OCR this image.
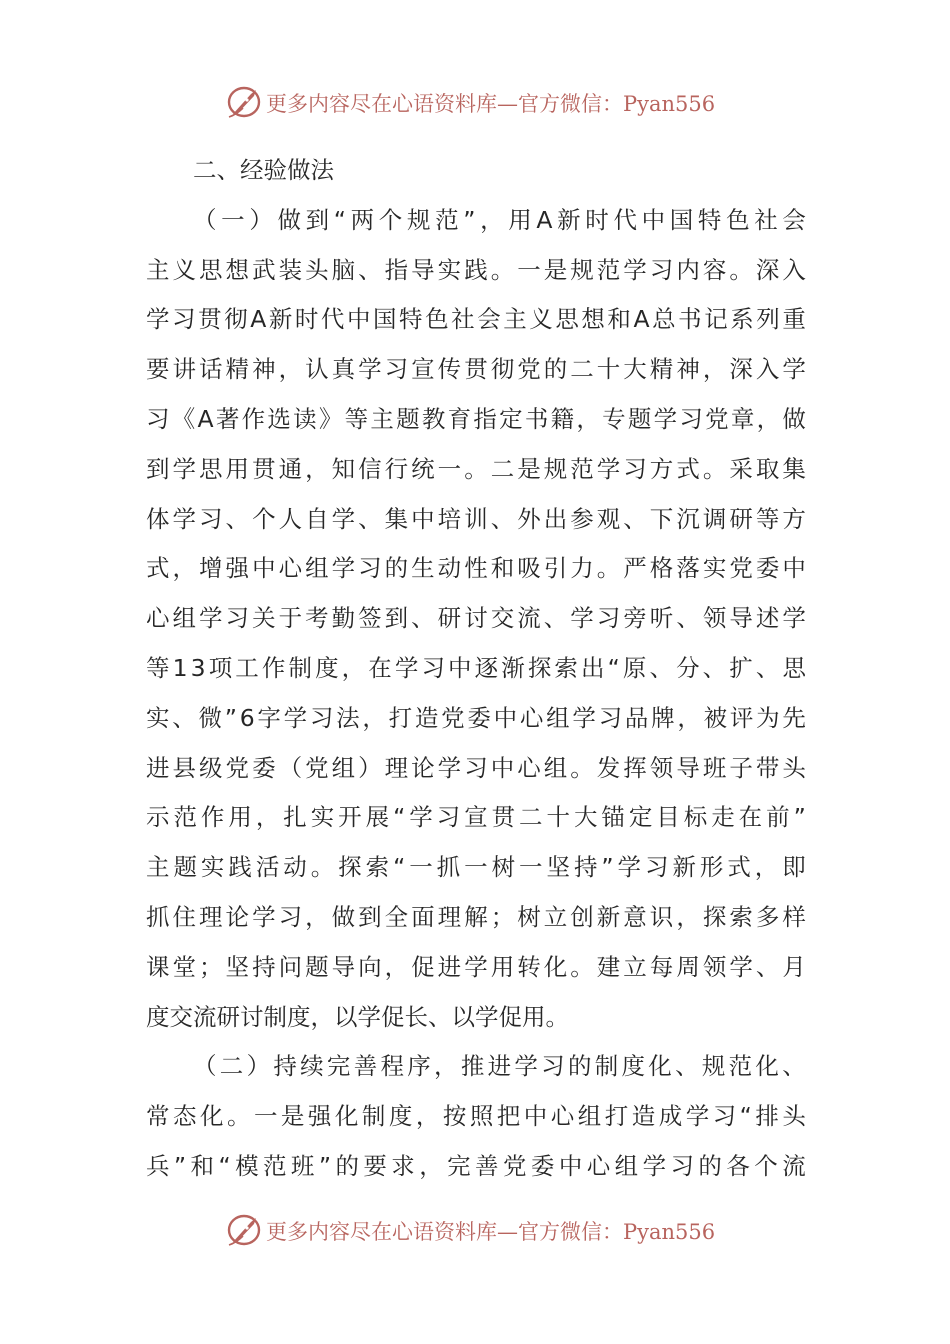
更多内容尽在心语资料库—官方微信：Pyan556
二、经验做法
（ 一 ） 做 到 “ 两 个 规 范 ” ， 用 A 新 时 代 中 国 特 色 社 会
主 义 思 想 武 装 头 脑 、 指 导 实 践 。 一 是 规 范 学 习 内 容 。 深 入
学 习 贯 彻 A 新 时 代 中 国 特 色 社 会 主 义 思 想 和 A 总 书 记 系 列 重
要 讲 话 精 神 ， 认 真 学 习 宣 传 贯 彻 党 的 二 十 大 精 神 ， 深 入 学
习 《 A 著 作 选 读 》 等 主 题 教 育 指 定 书 籍 ， 专 题 学 习 党 章 ， 做
到 学 思 用 贯 通 ， 知 信 行 统 一 。 二 是 规 范 学 习 方 式 。 采 取 集
体 学 习 、 个 人 自 学 、 集 中 培 训 、 外 出 参 观 、 下 沉 调 研 等 方
式 ， 增 强 中 心 组 学 习 的 生 动 性 和 吸 引 力 。 严 格 落 实 党 委 中
心 组 学 习 关 于 考 勤 签 到 、 研 讨 交 流 、 学 习 旁 听 、 领 导 述 学
等 1 3 项 工 作 制 度 ， 在 学 习 中 逐 渐 探 索 出 “ 原 、 分 、 扩 、 思
实 、 微 ” 6 字 学 习 法 ， 打 造 党 委 中 心 组 学 习 品 牌 ， 被 评 为 先
进 县 级 党 委 （ 党 组 ） 理 论 学 习 中 心 组 。 发 挥 领 导 班 子 带 头
示 范 作 用 ， 扎 实 开 展 “ 学 习 宣 贯 二 十 大 锚 定 目 标 走 在 前 ”
主 题 实 践 活 动 。 探 索 “ 一 抓 一 树 一 坚 持 ” 学 习 新 形 式 ， 即
抓 住 理 论 学 习 ， 做 到 全 面 理 解 ； 树 立 创 新 意 识 ， 探 索 多 样
课 堂 ； 坚 持 问 题 导 向 ， 促 进 学 用 转 化 。 建 立 每 周 领 学 、 月
度交流研讨制度，以学促长、以学促用。
（ 二 ） 持 续 完 善 程 序 ， 推 进 学 习 的 制 度 化 、 规 范 化 、
常 态 化 。 一 是 强 化 制 度 ， 按 照 把 中 心 组 打 造 成 学 习 “ 排 头
兵 ” 和 “ 模 范 班 ” 的 要 求 ， 完 善 党 委 中 心 组 学 习 的 各 个 流
更多内容尽在心语资料库—官方微信：Pyan556
